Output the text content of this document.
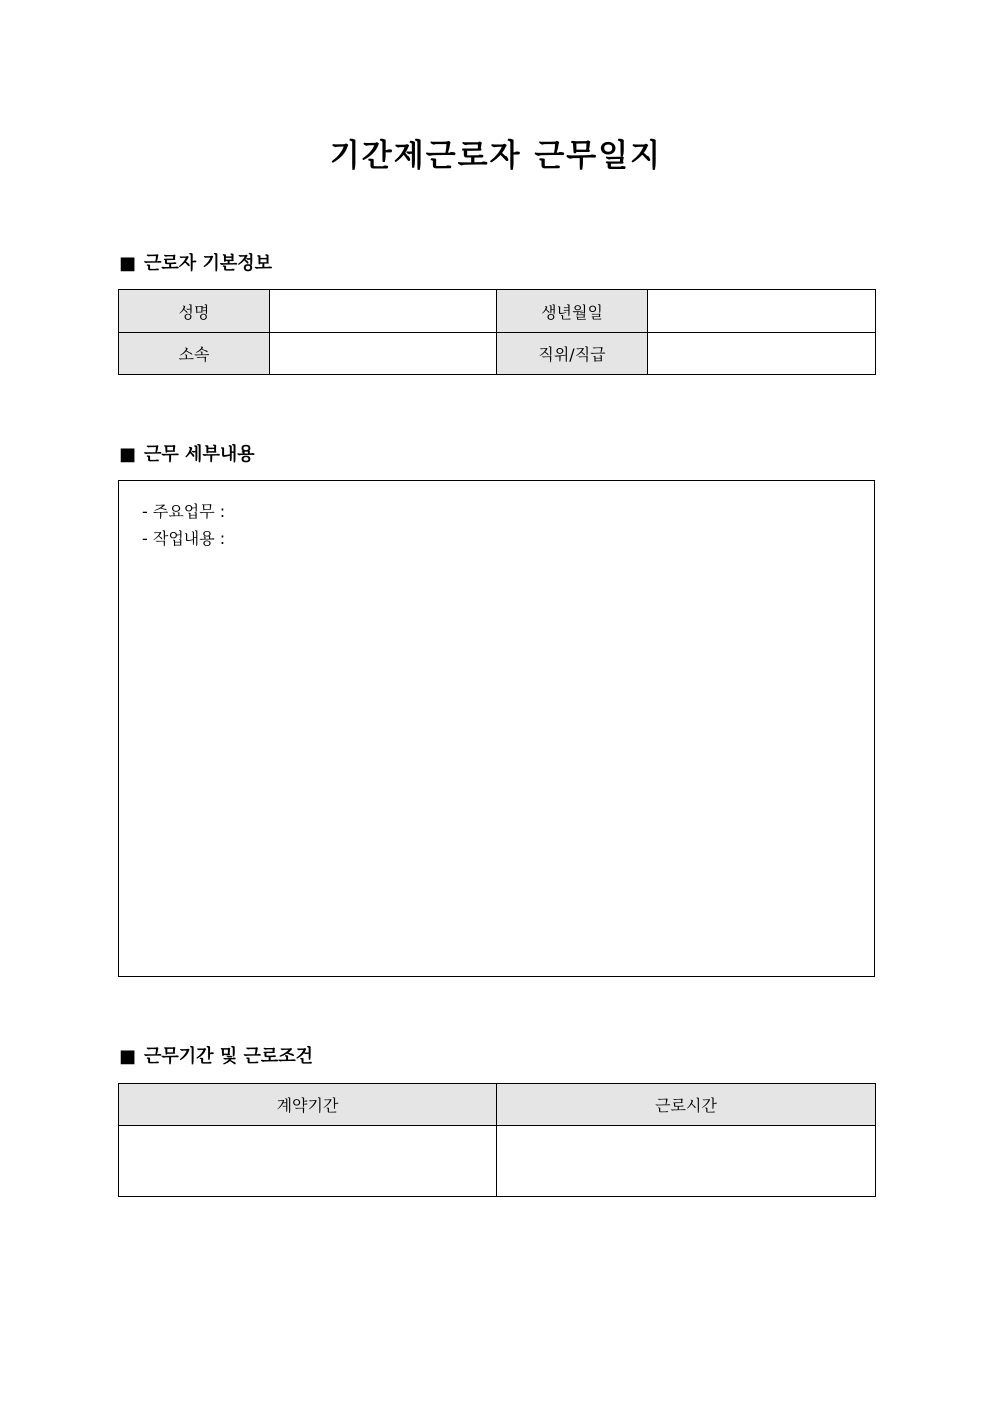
기간제근로자 근무일지
■ 근로자 기본정보
성명		생년월일	
소속		직위/직급	
■ 근무 세부내용
- 주요업무 :
- 작업내용 :
■ 근무기간 및 근로조건
계약기간	근로시간
